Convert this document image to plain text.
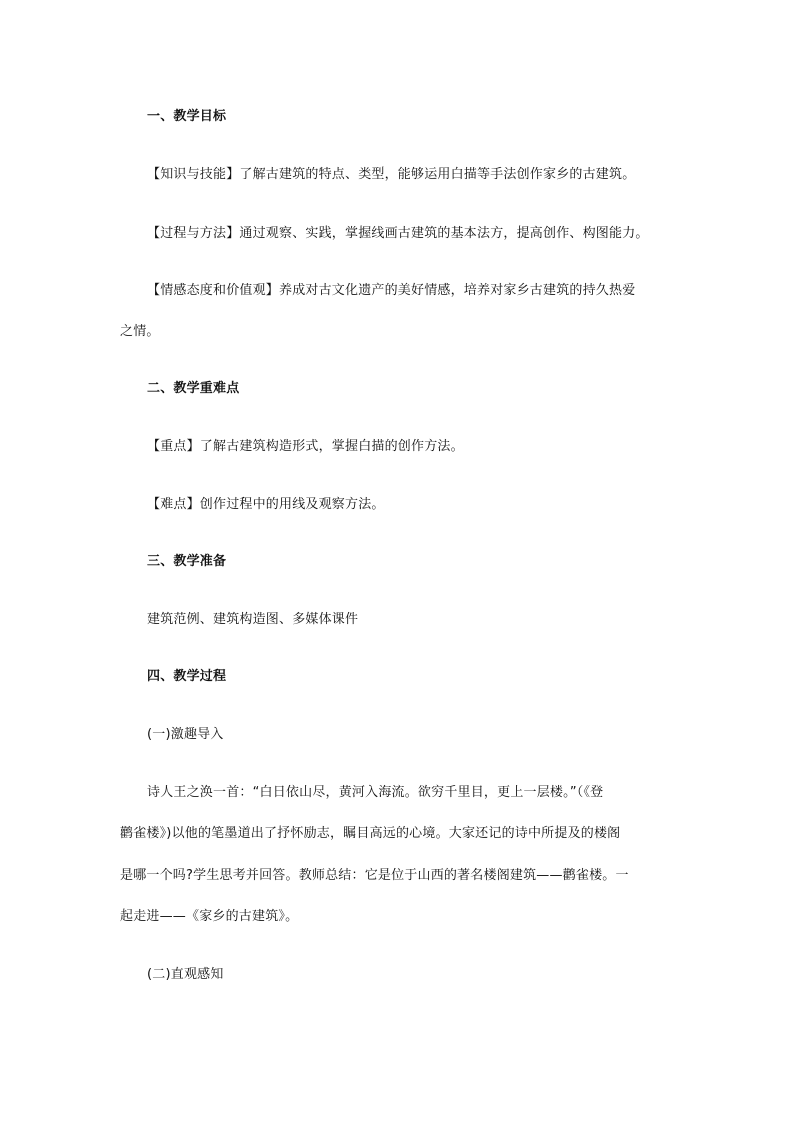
一、教学目标
【知识与技能】了解古建筑的特点、类型，能够运用白描等手法创作家乡的古建筑。
【过程与方法】通过观察、实践，掌握线画古建筑的基本法方，提高创作、构图能力。
【情感态度和价值观】养成对古文化遗产的美好情感，培养对家乡古建筑的持久热爱
之情。
二、教学重难点
【重点】了解古建筑构造形式，掌握白描的创作方法。
【难点】创作过程中的用线及观察方法。
三、教学准备
建筑范例、建筑构造图、多媒体课件
四、教学过程
(一)激趣导入
诗人王之涣一首：“白日依山尽，黄河入海流。欲穷千里目，更上一层楼。”（《登
鹳雀楼》)以他的笔墨道出了抒怀励志，瞩目高远的心境。大家还记的诗中所提及的楼阁
是哪一个吗?学生思考并回答。教师总结：它是位于山西的著名楼阁建筑——鹳雀楼。一
起走进——《家乡的古建筑》。
(二)直观感知
